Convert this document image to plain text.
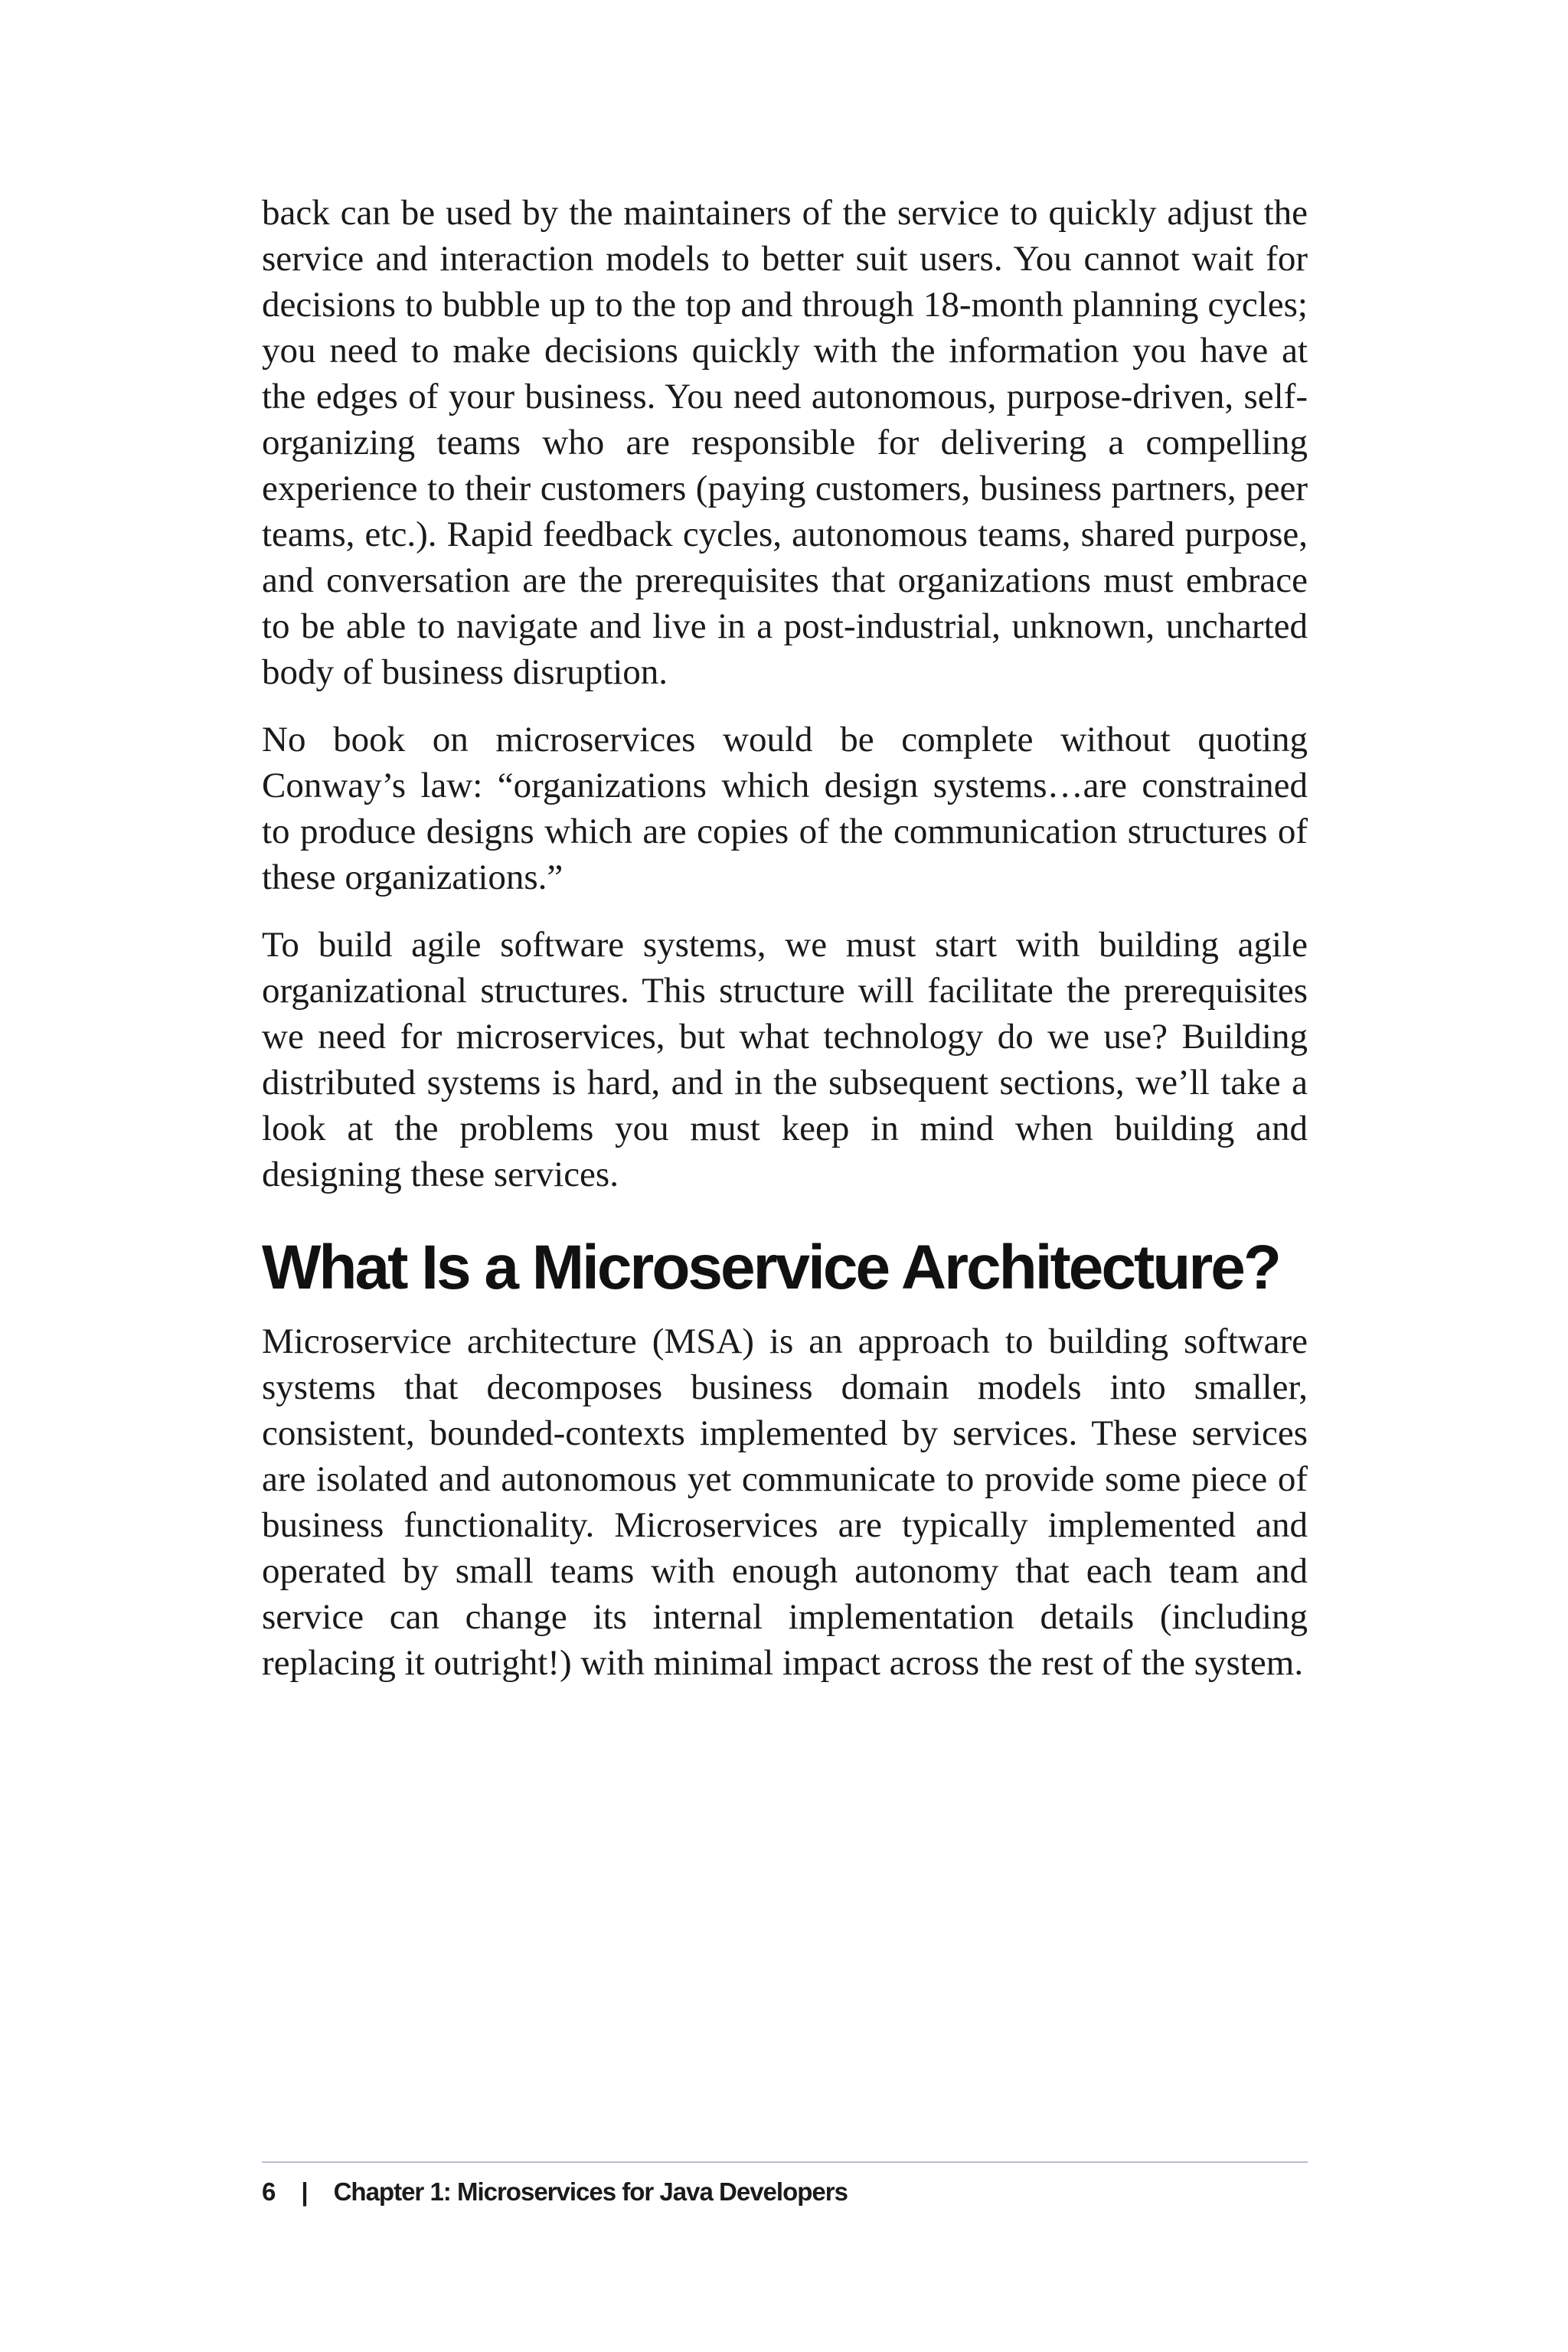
back can be used by the maintainers of the service to quickly adjust the service and interaction models to better suit users. You cannot wait for decisions to bubble up to the top and through 18-month planning cycles; you need to make decisions quickly with the information you have at the edges of your business. You need autonomous, purpose-driven, self-organizing teams who are responsible for delivering a compelling experience to their customers (paying customers, business partners, peer teams, etc.). Rapid feedback cycles, autonomous teams, shared purpose, and conversation are the prerequisites that organizations must embrace to be able to navigate and live in a post-industrial, unknown, uncharted body of business disruption.

No book on microservices would be complete without quoting Conway’s law: “organizations which design systems…are constrained to produce designs which are copies of the communication structures of these organizations.”

To build agile software systems, we must start with building agile organizational structures. This structure will facilitate the prerequisites we need for microservices, but what technology do we use? Building distributed systems is hard, and in the subsequent sections, we’ll take a look at the problems you must keep in mind when building and designing these services.

What Is a Microservice Architecture?

Microservice architecture (MSA) is an approach to building software systems that decomposes business domain models into smaller, consistent, bounded-contexts implemented by services. These services are isolated and autonomous yet communicate to provide some piece of business functionality. Microservices are typically implemented and operated by small teams with enough autonomy that each team and service can change its internal implementation details (including replacing it outright!) with minimal impact across the rest of the system.

6 | Chapter 1: Microservices for Java Developers
